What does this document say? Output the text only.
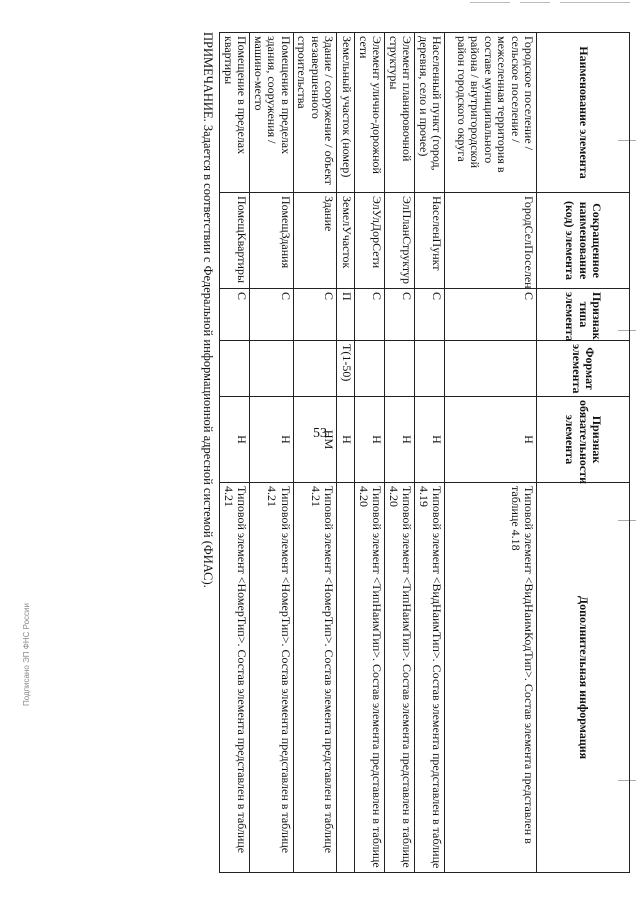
53
Наименование элемента	Сокращенное наименование (код) элемента	Признак типа элемента	Формат элемента	Признак обязательности элемента	Дополнительная информация
Городское поселение / сельское поселение / межселенная территория в составе муниципального района / внутригородской район городского округа	ГородСелПоселен	С		Н	Типовой элемент <ВидНаимКодТип>. Состав элемента представлен в таблице 4.18
Населенный пункт (город, деревня, село и прочее)	НаселенПункт	С		Н	Типовой элемент <ВидНаимТип>. Состав элемента представлен в таблице 4.19
Элемент планировочной структуры	ЭлПланСтруктур	С		Н	Типовой элемент <ТипНаимТип>. Состав элемента представлен в таблице 4.20
Элемент улично-дорожной сети	ЭлУлДорСети	С		Н	Типовой элемент <ТипНаимТип>. Состав элемента представлен в таблице 4.20
Земельный участок (номер)	ЗемелУчасток	П	Т(1-50)	Н	
Здание / сооружение / объект незавершенного строительства	Здание	С		НМ	Типовой элемент <НомерТип>. Состав элемента представлен в таблице 4.21
Помещение в пределах здания, сооружения / машино-место	ПомещЗдания	С		Н	Типовой элемент <НомерТип>. Состав элемента представлен в таблице 4.21
Помещение в пределах квартиры	ПомещКвартиры	С		Н	Типовой элемент <НомерТип>. Состав элемента представлен в таблице 4.21
ПРИМЕЧАНИЕ. Задается в соответствии с Федеральной информационной адресной системой (ФИАС).
Подписано ЭП ФНС России
